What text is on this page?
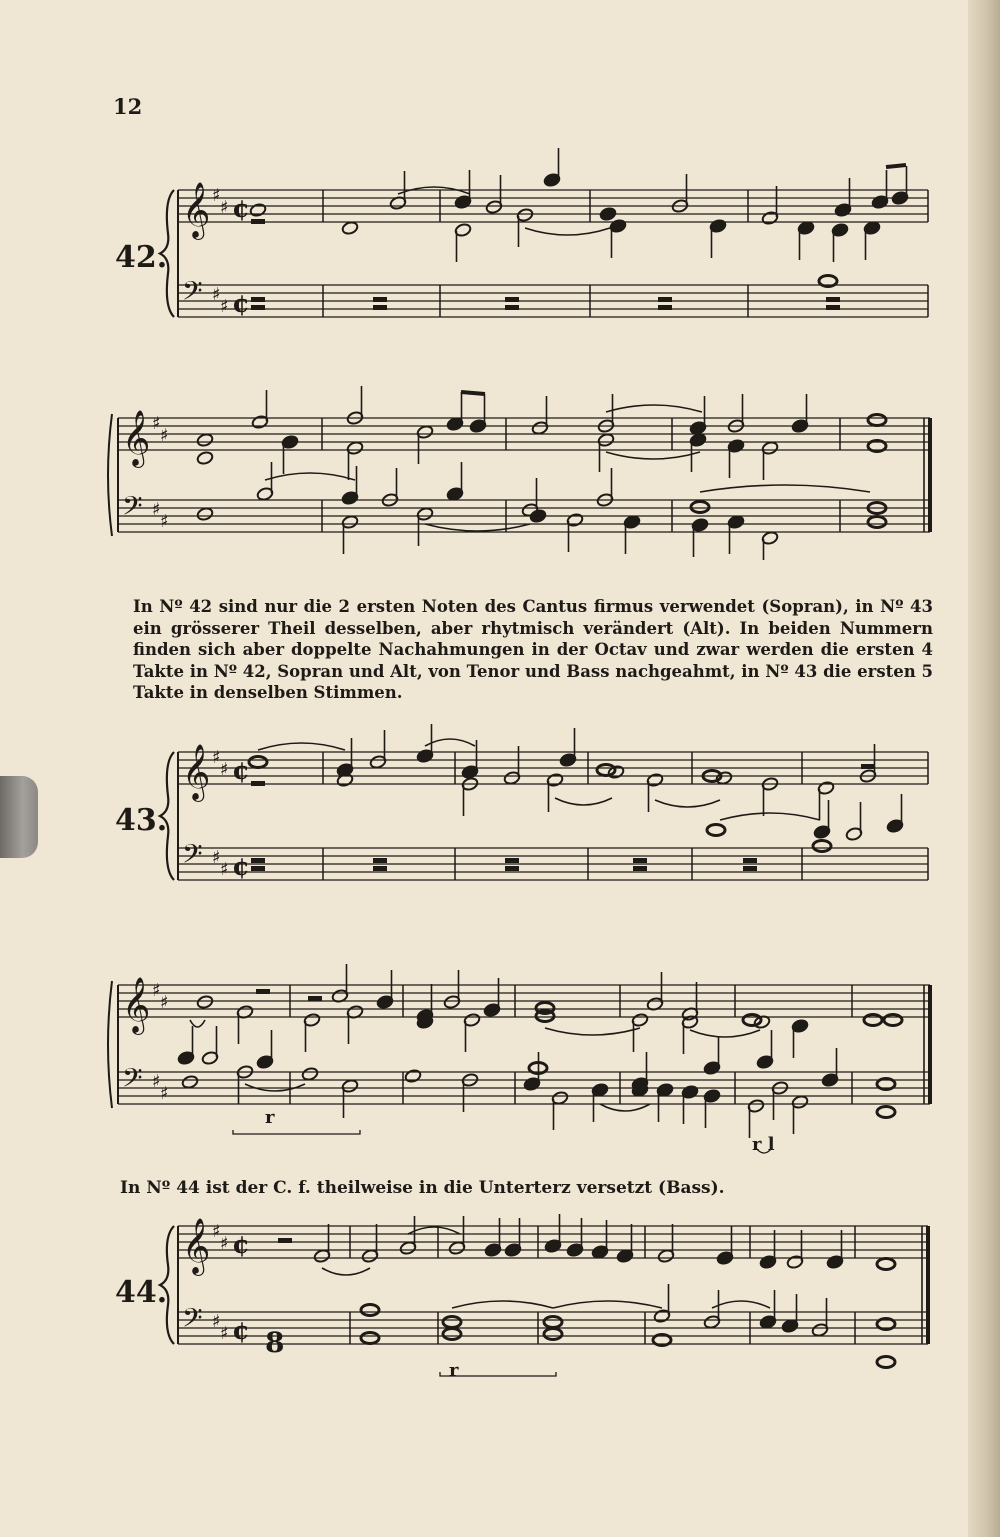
12
42.
𝄞
𝄢
♯
♯
♯
♯
¢
¢
𝄞
𝄢
♯
♯
♯
♯

In Nº 42 sind nur die 2 ersten Noten des Cantus firmus verwendet (Sopran), in Nº 43 ein grösserer Theil desselben, aber rhytmisch verändert (Alt). In beiden Nummern finden sich aber doppelte Nachahmungen in der Octav und zwar werden die ersten 4 Takte in Nº 42, Sopran und Alt, von Tenor und Bass nachgeahmt, in Nº 43 die ersten 5 Takte in denselben Stimmen.

43.
𝄞
𝄢
♯
♯
♯
♯
¢
¢
𝄞
𝄢
♯
♯
♯
♯
r
r l
In Nº 44 ist der C. f. theilweise in die Unterterz versetzt (Bass).
44.
𝄞
𝄢
♯
♯
♯
♯
¢
¢ 8
r
